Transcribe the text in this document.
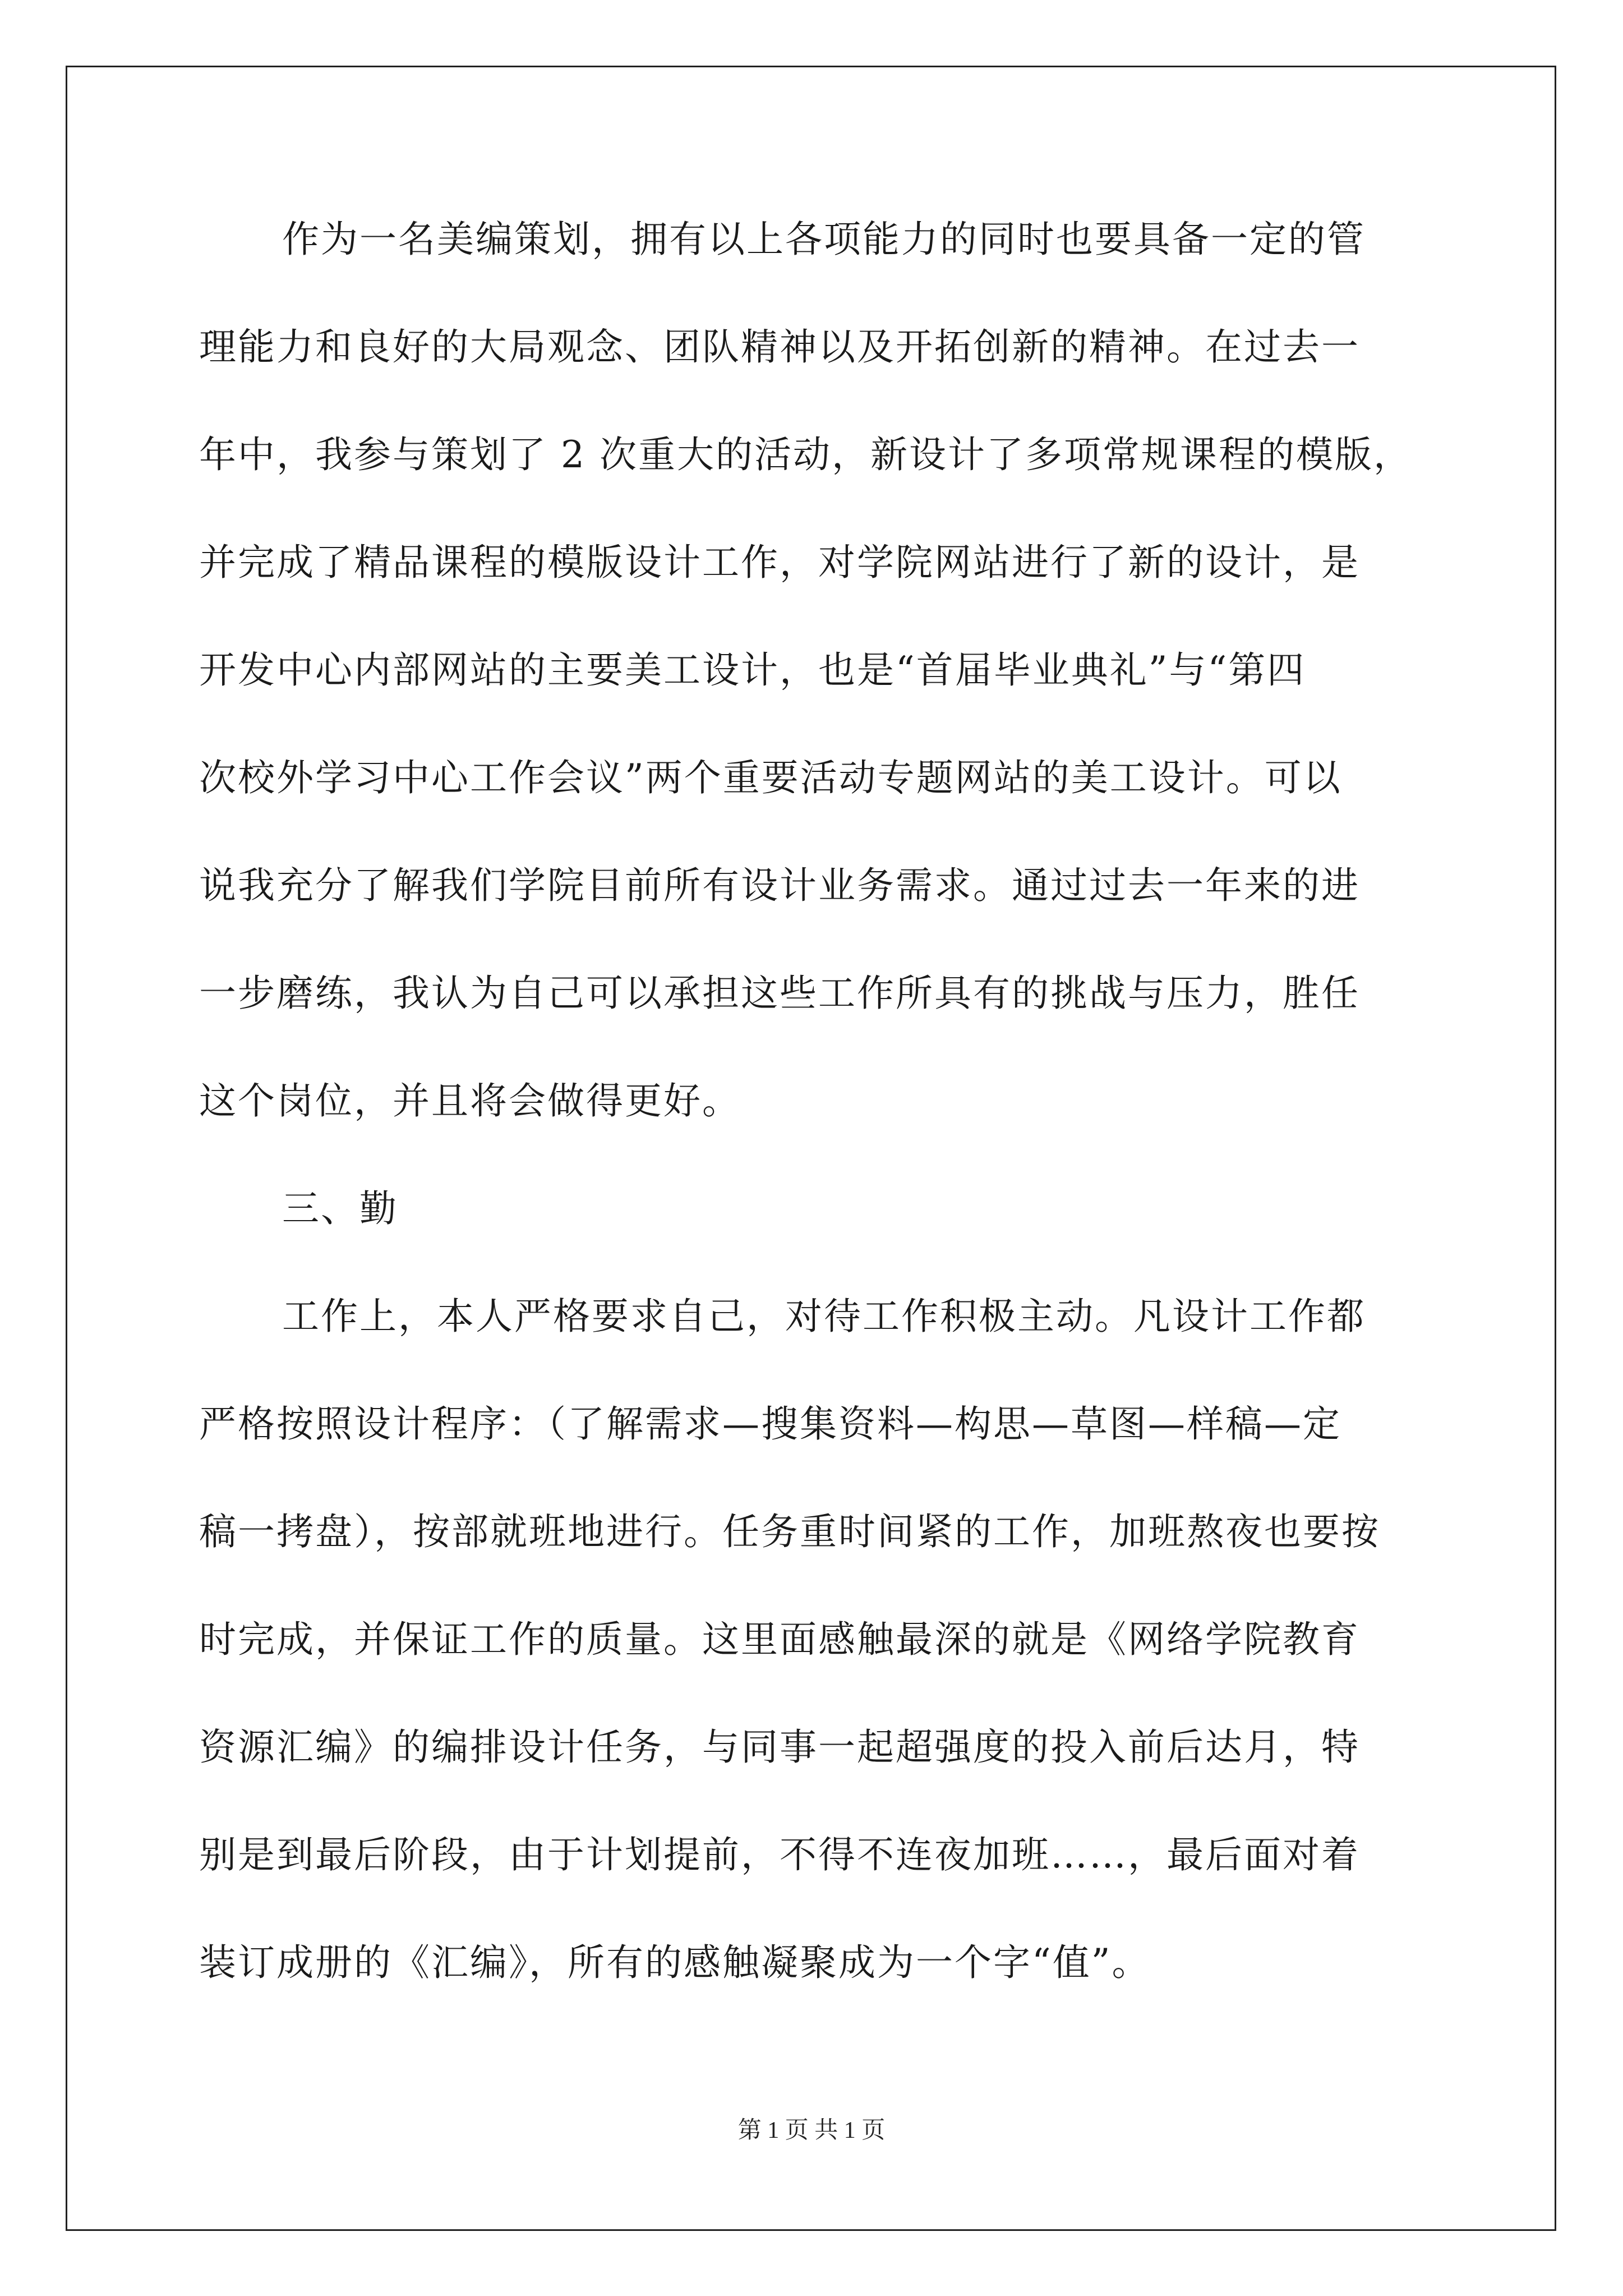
作为一名美编策划，拥有以上各项能力的同时也要具备一定的管
理能力和良好的大局观念、团队精神以及开拓创新的精神。在过去一
年中，我参与策划了 2 次重大的活动，新设计了多项常规课程的模版，
并完成了精品课程的模版设计工作，对学院网站进行了新的设计，是
开发中心内部网站的主要美工设计，也是“首届毕业典礼”与“第四
次校外学习中心工作会议”两个重要活动专题网站的美工设计。可以
说我充分了解我们学院目前所有设计业务需求。通过过去一年来的进
一步磨练，我认为自己可以承担这些工作所具有的挑战与压力，胜任
这个岗位，并且将会做得更好。
三、勤
工作上，本人严格要求自己，对待工作积极主动。凡设计工作都
严格按照设计程序：（了解需求—搜集资料—构思—草图—样稿—定
稿一拷盘），按部就班地进行。任务重时间紧的工作，加班熬夜也要按
时完成，并保证工作的质量。这里面感触最深的就是《网络学院教育
资源汇编》的编排设计任务，与同事一起超强度的投入前后达月，特
别是到最后阶段，由于计划提前，不得不连夜加班……，最后面对着
装订成册的《汇编》，所有的感触凝聚成为一个字“值”。
第 1 页 共 1 页
